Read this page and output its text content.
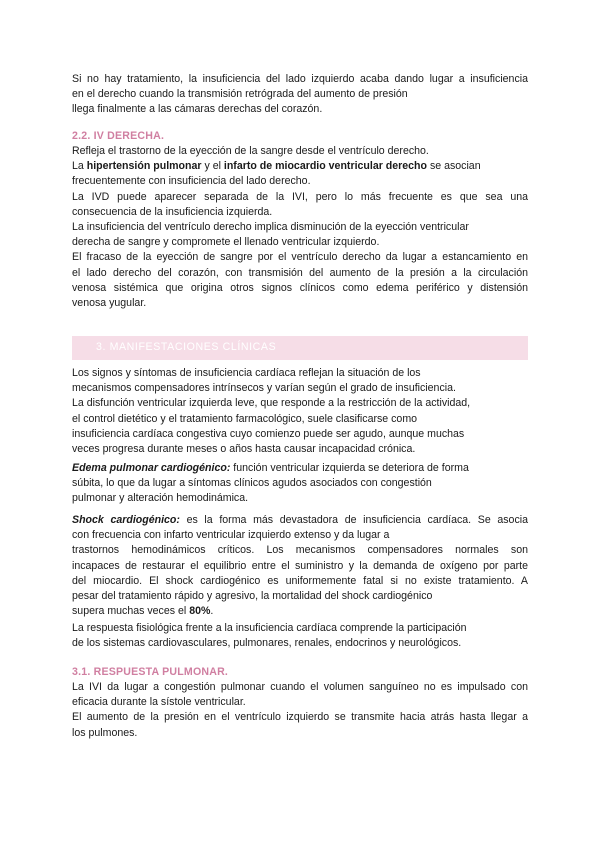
Si no hay tratamiento, la insuficiencia del lado izquierdo acaba dando lugar a insuficiencia
en el derecho cuando la transmisión retrógrada del aumento de presión
llega finalmente a las cámaras derechas del corazón.
2.2. IV DERECHA.
Refleja el trastorno de la eyección de la sangre desde el ventrículo derecho.
La hipertensión pulmonar y el infarto de miocardio ventricular derecho se asocian
frecuentemente con insuficiencia del lado derecho.
La IVD puede aparecer separada de la IVI, pero lo más frecuente es que sea una
consecuencia de la insuficiencia izquierda.
La insuficiencia del ventrículo derecho implica disminución de la eyección ventricular
derecha de sangre y compromete el llenado ventricular izquierdo.
El fracaso de la eyección de sangre por el ventrículo derecho da lugar a estancamiento en
el lado derecho del corazón, con transmisión del aumento de la presión a la circulación
venosa sistémica que origina otros signos clínicos como edema periférico y distensión
venosa yugular.
3. MANIFESTACIONES CLÍNICAS
Los signos y síntomas de insuficiencia cardíaca reflejan la situación de los
mecanismos compensadores intrínsecos y varían según el grado de insuficiencia.
La disfunción ventricular izquierda leve, que responde a la restricción de la actividad,
el control dietético y el tratamiento farmacológico, suele clasificarse como
insuficiencia cardíaca congestiva cuyo comienzo puede ser agudo, aunque muchas
veces progresa durante meses o años hasta causar incapacidad crónica.
Edema pulmonar cardiogénico: función ventricular izquierda se deteriora de forma
súbita, lo que da lugar a síntomas clínicos agudos asociados con congestión
pulmonar y alteración hemodinámica.
Shock cardiogénico: es la forma más devastadora de insuficiencia cardíaca. Se asocia
con frecuencia con infarto ventricular izquierdo extenso y da lugar a
trastornos hemodinámicos críticos. Los mecanismos compensadores normales son
incapaces de restaurar el equilibrio entre el suministro y la demanda de oxígeno por parte
del miocardio. El shock cardiogénico es uniformemente fatal si no existe tratamiento. A
pesar del tratamiento rápido y agresivo, la mortalidad del shock cardiogénico
supera muchas veces el 80%.
La respuesta fisiológica frente a la insuficiencia cardíaca comprende la participación
de los sistemas cardiovasculares, pulmonares, renales, endocrinos y neurológicos.
3.1. RESPUESTA PULMONAR.
La IVI da lugar a congestión pulmonar cuando el volumen sanguíneo no es impulsado con
eficacia durante la sístole ventricular.
El aumento de la presión en el ventrículo izquierdo se transmite hacia atrás hasta llegar a
los pulmones.
